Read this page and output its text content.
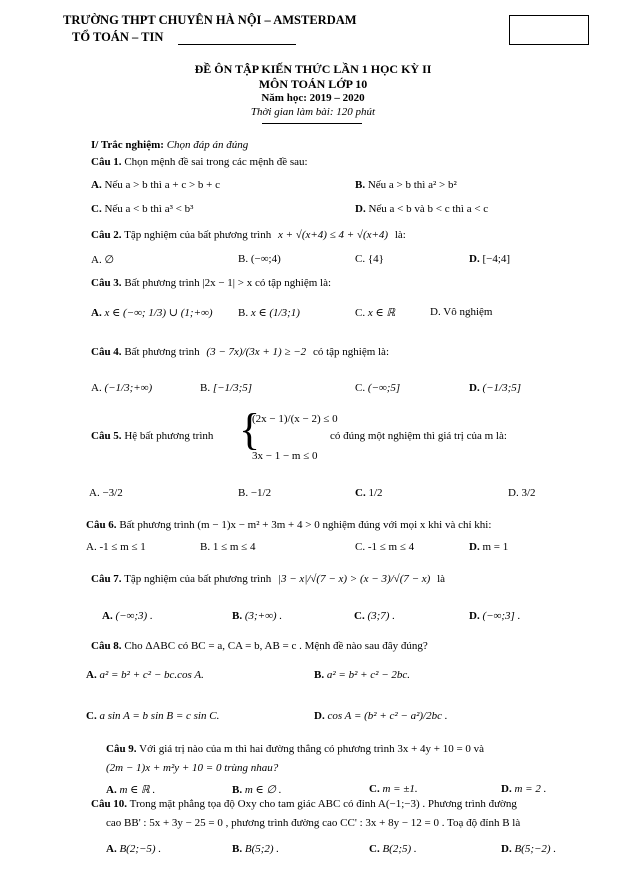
TRƯỜNG THPT CHUYÊN HÀ NỘI – AMSTERDAM
TỔ TOÁN – TIN
ĐỀ ÔN TẬP KIẾN THỨC LẦN 1 HỌC KỲ II
MÔN TOÁN LỚP 10
Năm học: 2019 – 2020
Thời gian làm bài: 120 phút
I/ Trắc nghiệm: Chọn đáp án đúng
Câu 1. Chọn mệnh đề sai trong các mệnh đề sau:
A. Nếu a > b thì a + c > b + c	B. Nếu a > b thì a² > b²
C. Nếu a < b thì a³ < b³	D. Nếu a < b và b < c thì a < c
Câu 2. Tập nghiệm của bất phương trình x + √(x+4) ≤ 4 + √(x+4) là:
A. ∅	B. (−∞;4)	C. {4}	D. [−4;4]
Câu 3. Bất phương trình |2x − 1| > x có tập nghiệm là:
A. x ∈ (−∞; 1/3) ∪ (1;+∞) B. x ∈ (1/3;1)	C. x ∈ ℝ	D. Vô nghiệm
Câu 4. Bất phương trình (3 − 7x)/(3x + 1) ≥ −2 có tập nghiệm là:
A. (−1/3;+∞)	B. [−1/3;5]	C. (−∞;5]	D. (−1/3;5]
Câu 5. Hệ bất phương trình {
(2x − 1)/(x − 2) ≤ 0
3x − 1 − m ≤ 0
có đúng một nghiệm thì giá trị của m là:
A. −3/2	B. −1/2	C. 1/2	D. 3/2
Câu 6. Bất phương trình (m − 1)x − m² + 3m + 4 > 0 nghiệm đúng với mọi x khi và chỉ khi:
A. -1 ≤ m ≤ 1	B. 1 ≤ m ≤ 4	C. -1 ≤ m ≤ 4	D. m = 1
Câu 7. Tập nghiệm của bất phương trình |3 − x|/√(7 − x) > (x − 3)/√(7 − x) là
A. (−∞;3) .	B. (3;+∞) .	C. (3;7) .	D. (−∞;3] .
Câu 8. Cho ΔABC có BC = a, CA = b, AB = c . Mệnh đề nào sau đây đúng?
A. a² = b² + c² − bc.cos A.	B. a² = b² + c² − 2bc.
C. a sin A = b sin B = c sin C.	D. cos A = (b² + c² − a²)/2bc .
Câu 9. Với giá trị nào của m thì hai đường thẳng có phương trình 3x + 4y + 10 = 0 và
(2m − 1)x + m²y + 10 = 0 trùng nhau?
A. m ∈ ℝ .	B. m ∈ ∅ .	C. m = ±1.	D. m = 2 .
Câu 10. Trong mặt phẳng tọa độ Oxy cho tam giác ABC có đỉnh A(−1;−3) . Phương trình đường
cao BB' : 5x + 3y − 25 = 0 , phương trình đường cao CC' : 3x + 8y − 12 = 0 . Toạ độ đỉnh B là
A. B(2;−5) .	B. B(5;2) .	C. B(2;5) .	D. B(5;−2) .
